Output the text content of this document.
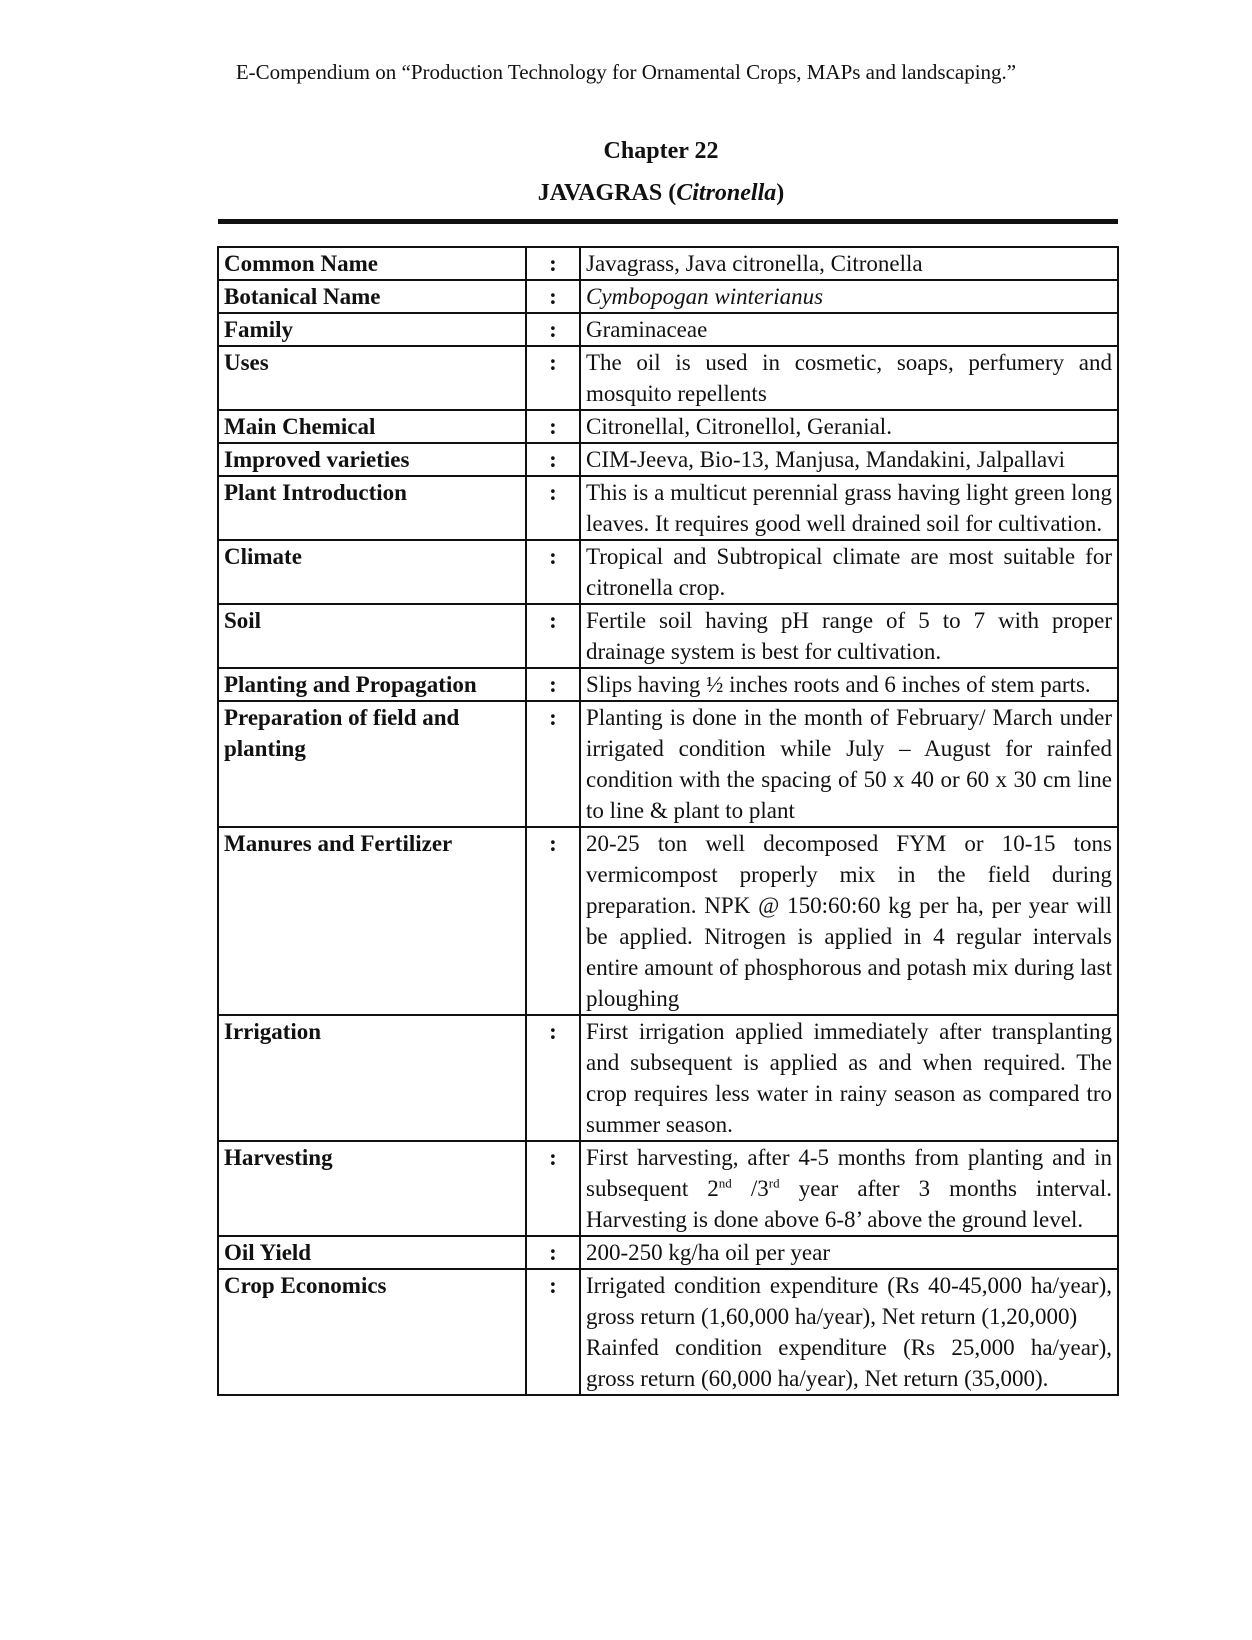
E-Compendium on “Production Technology for Ornamental Crops, MAPs and landscaping.”
Chapter 22
JAVAGRAS (Citronella)
Common Name	:	Javagrass, Java citronella, Citronella
Botanical Name	:	Cymbopogan winterianus
Family	:	Graminaceae
Uses	:	The oil is used in cosmetic, soaps, perfumery and mosquito repellents
Main Chemical	:	Citronellal, Citronellol, Geranial.
Improved varieties	:	CIM-Jeeva, Bio-13, Manjusa, Mandakini, Jalpallavi
Plant Introduction	:	This is a multicut perennial grass having light green long leaves. It requires good well drained soil for cultivation.
Climate	:	Tropical and Subtropical climate are most suitable for citronella crop.
Soil	:	Fertile soil having pH range of 5 to 7 with proper drainage system is best for cultivation.
Planting and Propagation	:	Slips having ½ inches roots and 6 inches of stem parts.
Preparation of field and planting	:	Planting is done in the month of February/ March under irrigated condition while July – August for rainfed condition with the spacing of 50 x 40 or 60 x 30 cm line to line & plant to plant
Manures and Fertilizer	:	20-25 ton well decomposed FYM or 10-15 tons vermicompost properly mix in the field during preparation. NPK @ 150:60:60 kg per ha, per year will be applied. Nitrogen is applied in 4 regular intervals entire amount of phosphorous and potash mix during last ploughing
Irrigation	:	First irrigation applied immediately after transplanting and subsequent is applied as and when required. The crop requires less water in rainy season as compared tro summer season.
Harvesting	:	First harvesting, after 4-5 months from planting and in subsequent 2nd /3rd year after 3 months interval. Harvesting is done above 6-8’ above the ground level.
Oil Yield	:	200-250 kg/ha oil per year
Crop Economics	:	Irrigated condition expenditure (Rs 40-45,000 ha/year), gross return (1,60,000 ha/year), Net return (1,20,000)

Rainfed condition expenditure (Rs 25,000 ha/year), gross return (60,000 ha/year), Net return (35,000).
